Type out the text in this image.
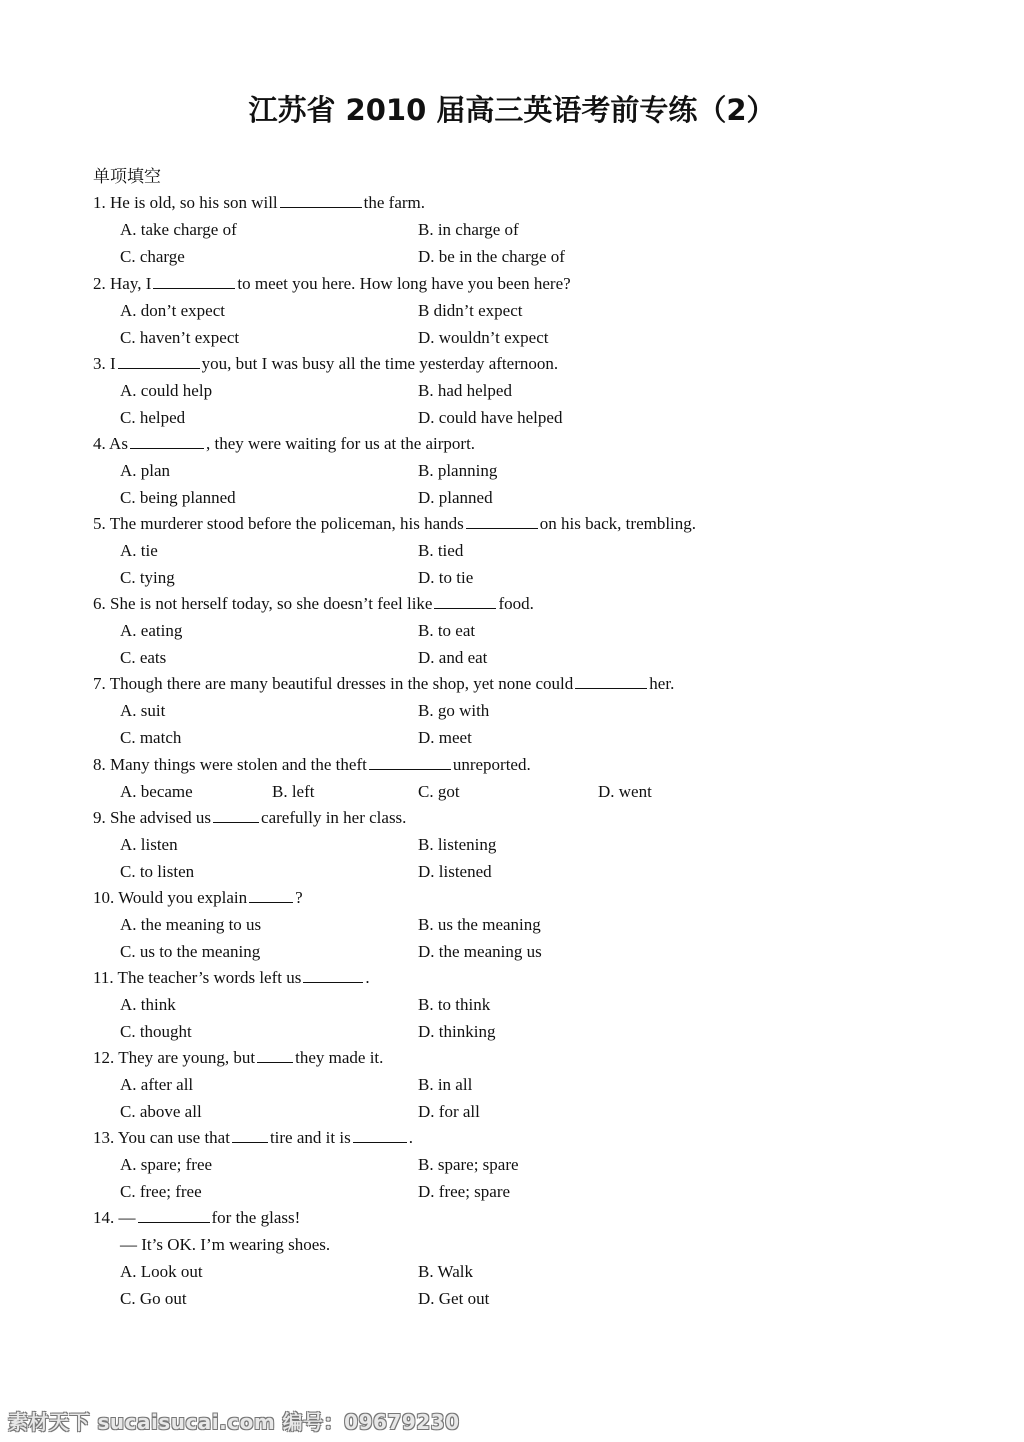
江苏省 2010 届高三英语考前专练（2）
单项填空
1. He is old, so his son will	the farm.
A. take charge of	B. in charge of
C. charge	D. be in the charge of
2. Hay, I	to meet you here. How long have you been here?
A. don’t expect	B didn’t expect
C. haven’t expect	D. wouldn’t expect
3. I	you, but I was busy all the time yesterday afternoon.
A. could help	B. had helped
C. helped	D. could have helped
4. As	, they were waiting for us at the airport.
A. plan	B. planning
C. being planned	D. planned
5. The murderer stood before the policeman, his hands	on his back, trembling.
A. tie	B. tied
C. tying	D. to tie
6. She is not herself today, so she doesn’t feel like	food.
A. eating	B. to eat
C. eats	D. and eat
7. Though there are many beautiful dresses in the shop, yet none could	her.
A. suit	B. go with
C. match	D. meet
8. Many things were stolen and the theft	unreported.
A. became	B. left	C. got	D. went
9. She advised us	carefully in her class.
A. listen	B. listening
C. to listen	D. listened
10. Would you explain	?
A. the meaning to us	B. us the meaning
C. us to the meaning	D. the meaning us
11. The teacher’s words left us	.
A. think	B. to think
C. thought	D. thinking
12. They are young, but they made it.
A. after all	B. in all
C. above all	D. for all
13. You can use that tire and it is	.
A. spare; free	B. spare; spare
C. free; free	D. free; spare
14. —	for the glass!
— It’s OK. I’m wearing shoes.
A. Look out	B. Walk
C. Go out	D. Get out
素材天下 sucaisucai.com 编号：09679230
